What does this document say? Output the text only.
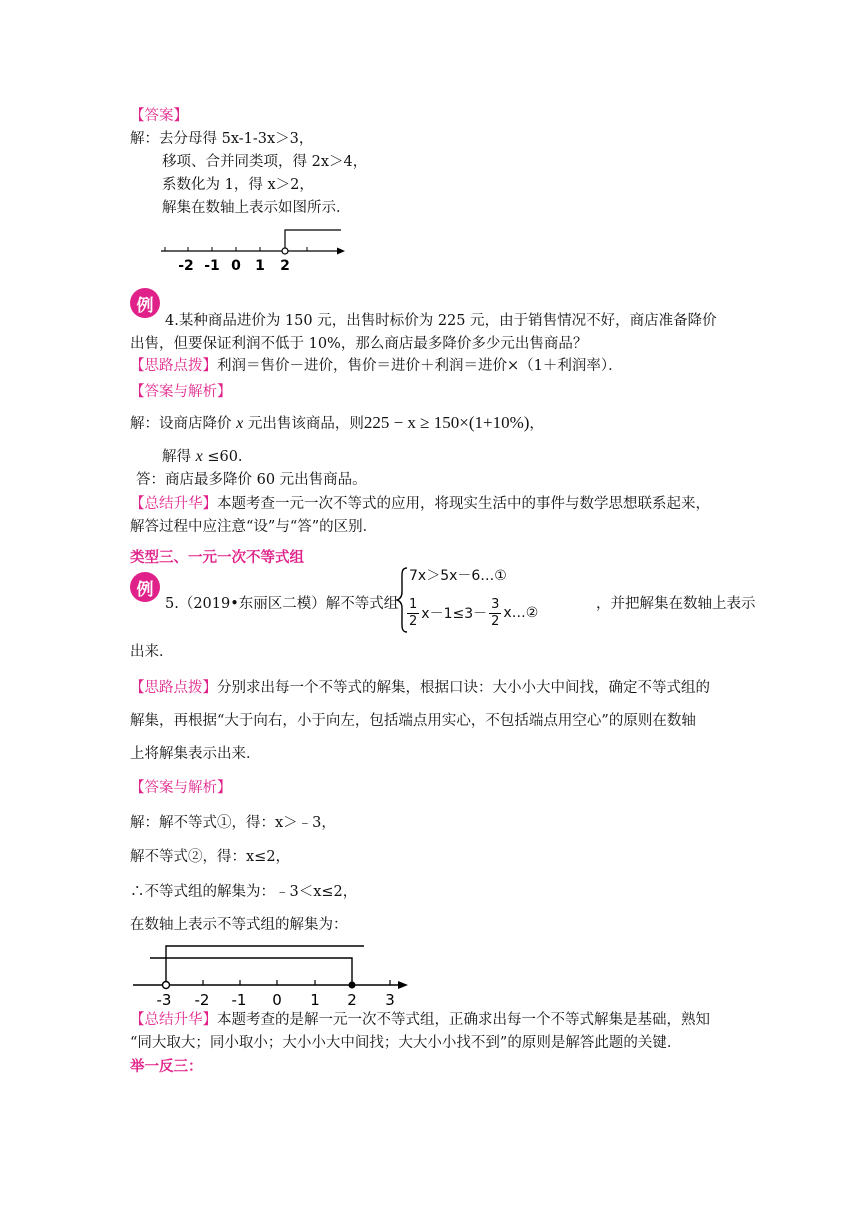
【答案】
解：去分母得 5x-1-3x＞3，
移项、合并同类项，得 2x＞4，
系数化为 1，得 x＞2，
解集在数轴上表示如图所示．
-2 -1 0 1 2
例
4.某种商品进价为 150 元，出售时标价为 225 元，由于销售情况不好，商店准备降价
出售，但要保证利润不低于 10%，那么商店最多降价多少元出售商品？
【思路点拨】利润＝售价－进价，售价＝进价＋利润＝进价×（1＋利润率）．
【答案与解析】
解：设商店降价 x 元出售该商品，则225 − x ≥ 150×(1+10%)，
解得 x ≤60.
答：商店最多降价 60 元出售商品。
【总结升华】本题考查一元一次不等式的应用，将现实生活中的事件与数学思想联系起来，
解答过程中应注意“设”与“答”的区别．
类型三、一元一次不等式组
例
5.（2019•东丽区二模）解不等式组
7x＞5x－6…①
$\frac{1}{2} x-1\le 3- \frac{3}{2}$ x…②
，并把解集在数轴上表示
出来．
【思路点拨】分别求出每一个不等式的解集，根据口诀：大小小大中间找，确定不等式组的
解集，再根据“大于向右，小于向左，包括端点用实心，不包括端点用空心”的原则在数轴
上将解集表示出来．
【答案与解析】
解：解不等式①，得：x＞﹣3，
解不等式②，得：x≤2，
∴不等式组的解集为：﹣3＜x≤2，
在数轴上表示不等式组的解集为：
-3 -2 -1 0 1 2 3
【总结升华】本题考查的是解一元一次不等式组，正确求出每一个不等式解集是基础，熟知
“同大取大；同小取小；大小小大中间找；大大小小找不到”的原则是解答此题的关键．
举一反三：
